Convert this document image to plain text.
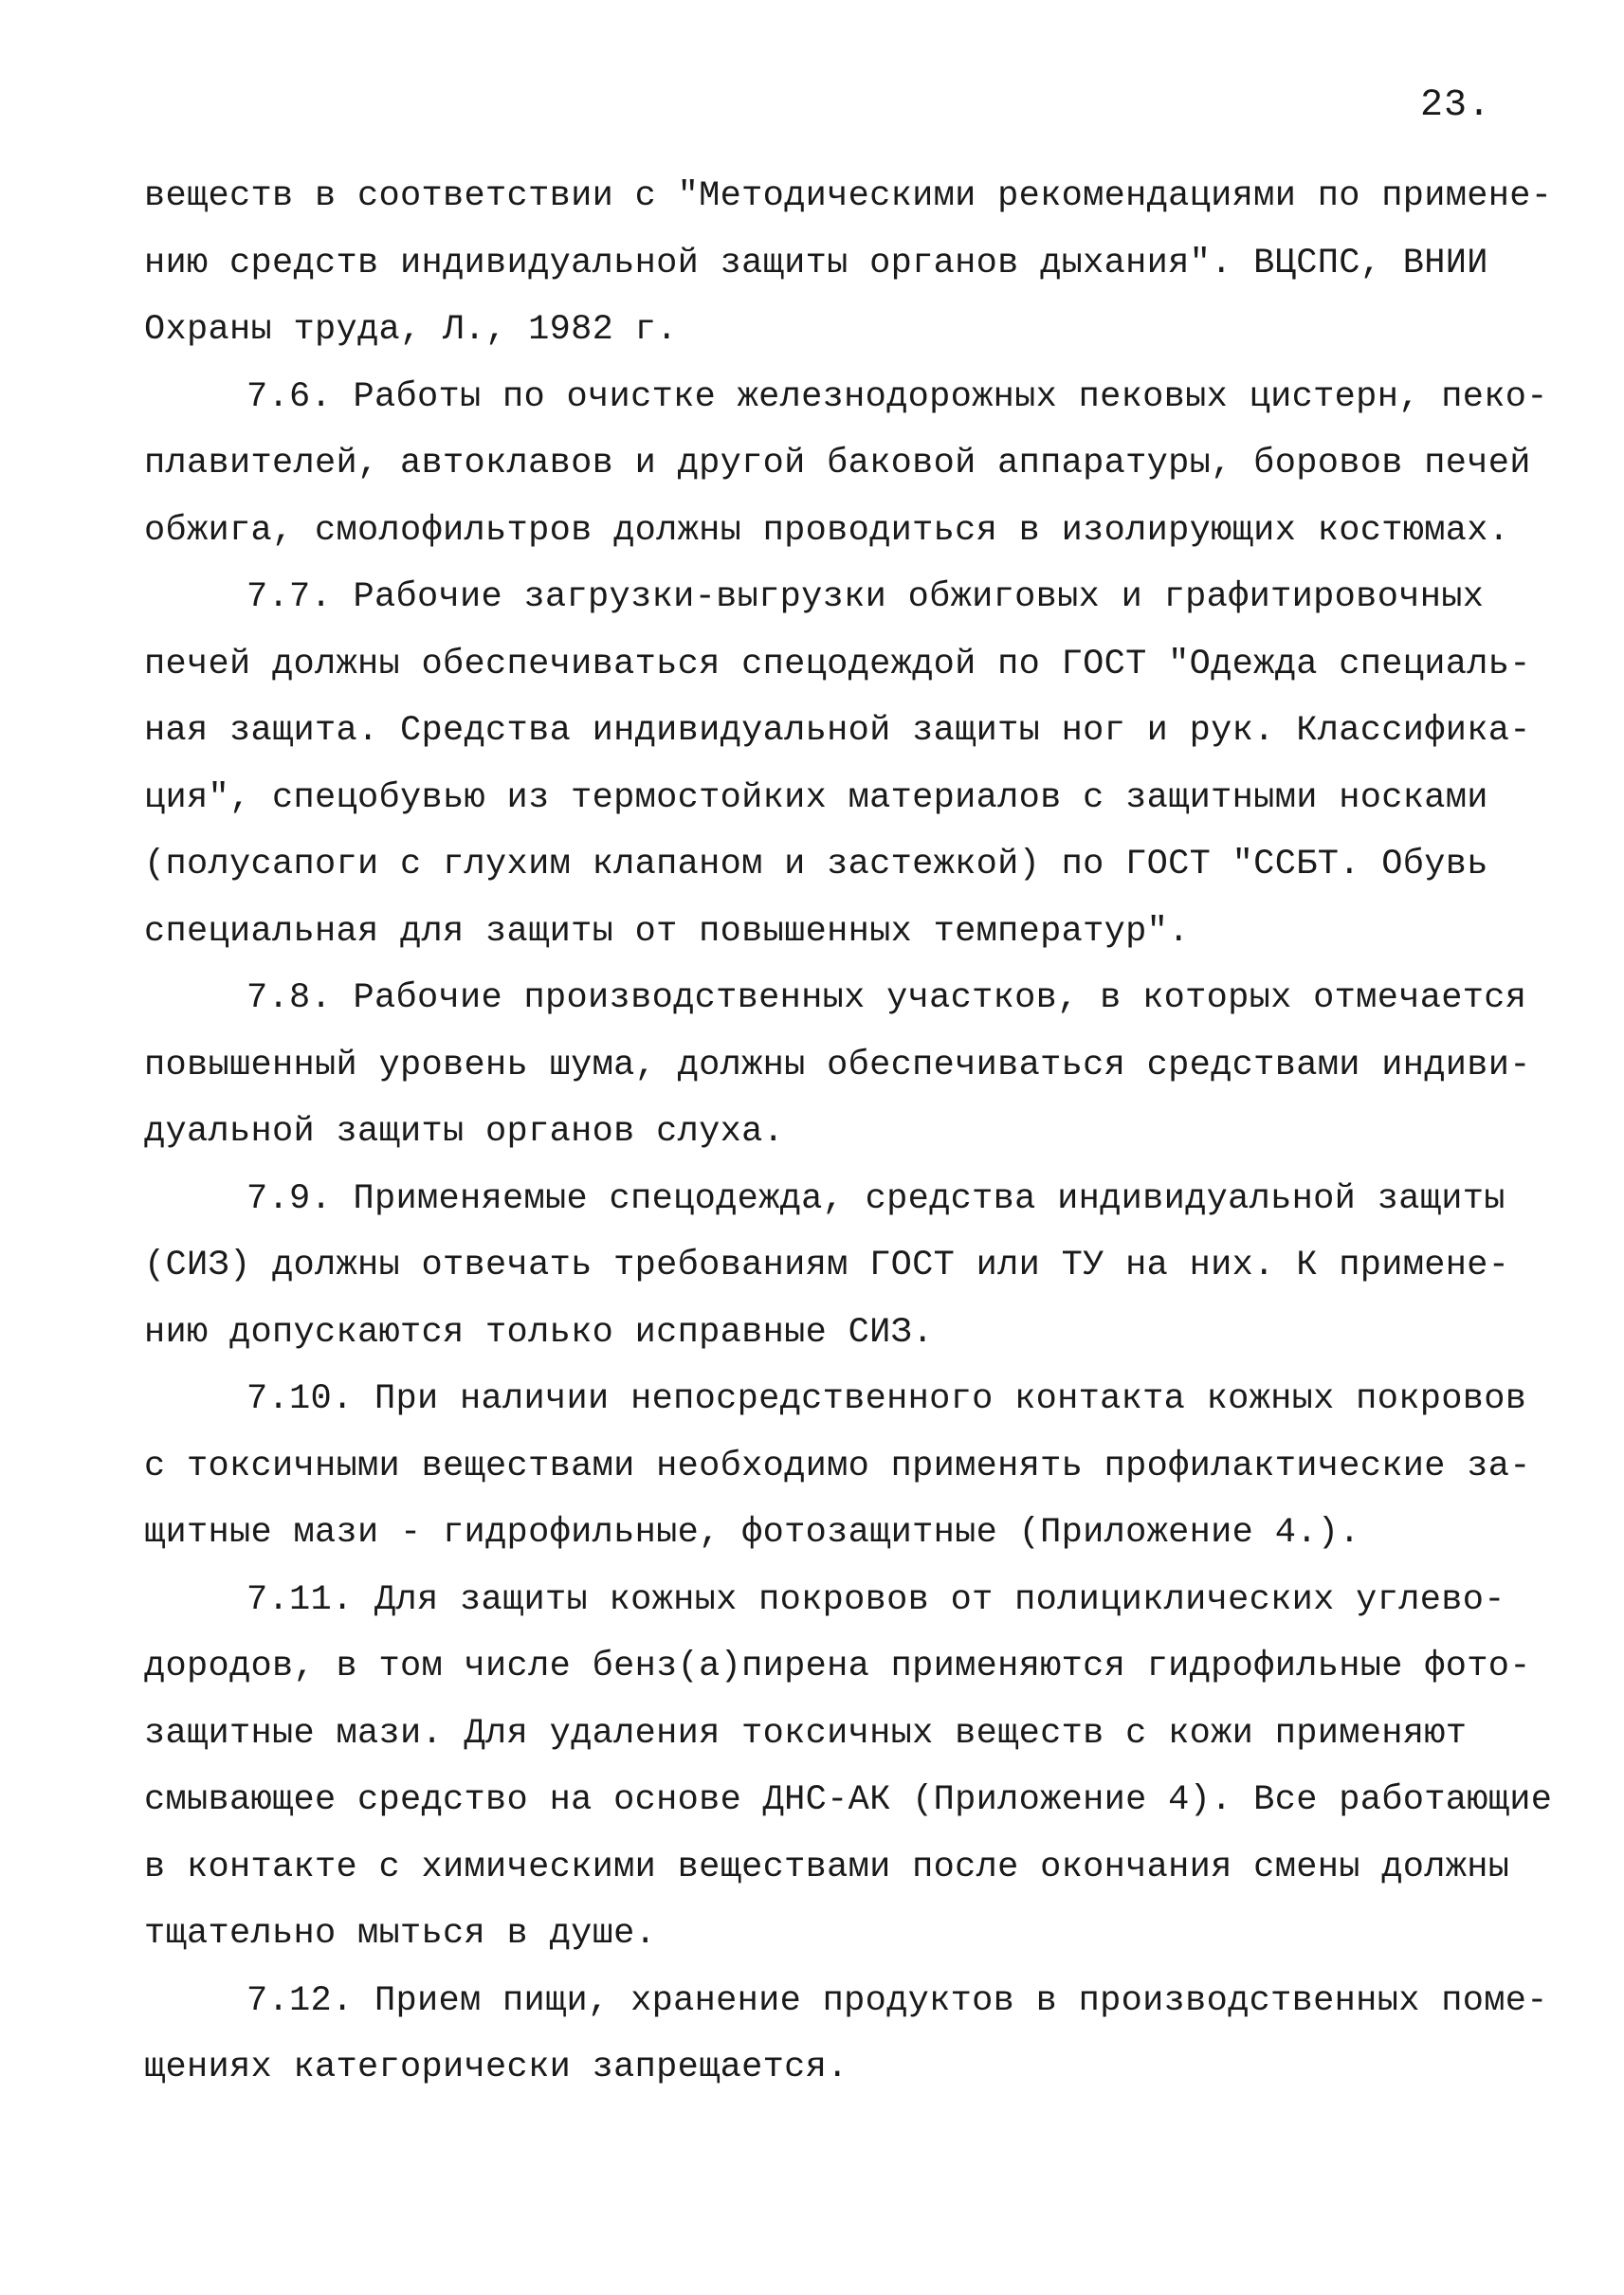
23.
веществ в соответствии с "Методическими рекомендациями по примене-
нию средств индивидуальной защиты органов дыхания". ВЦСПС, ВНИИ
Охраны труда, Л., 1982 г.
7.6. Работы по очистке железнодорожных пековых цистерн, пеко-
плавителей, автоклавов и другой баковой аппаратуры, боровов печей
обжига, смолофильтров должны проводиться в изолирующих костюмах.
7.7. Рабочие загрузки-выгрузки обжиговых и графитировочных
печей должны обеспечиваться спецодеждой по ГОСТ "Одежда специаль-
ная защита. Средства индивидуальной защиты ног и рук. Классифика-
ция", спецобувью из термостойких материалов с защитными носками
(полусапоги с глухим клапаном и застежкой) по ГОСТ "ССБТ. Обувь
специальная для защиты от повышенных температур".
7.8. Рабочие производственных участков, в которых отмечается
повышенный уровень шума, должны обеспечиваться средствами индиви-
дуальной защиты органов слуха.
7.9. Применяемые спецодежда, средства индивидуальной защиты
(СИЗ) должны отвечать требованиям ГОСТ или ТУ на них. К примене-
нию допускаются только исправные СИЗ.
7.10. При наличии непосредственного контакта кожных покровов
с токсичными веществами необходимо применять профилактические за-
щитные мази - гидрофильные, фотозащитные (Приложение 4.).
7.11. Для защиты кожных покровов от полициклических углево-
дородов, в том числе бенз(а)пирена применяются гидрофильные фото-
защитные мази. Для удаления токсичных веществ с кожи применяют
смывающее средство на основе ДНС-АК (Приложение 4). Все работающие
в контакте с химическими веществами после окончания смены должны
тщательно мыться в душе.
7.12. Прием пищи, хранение продуктов в производственных поме-
щениях категорически запрещается.
